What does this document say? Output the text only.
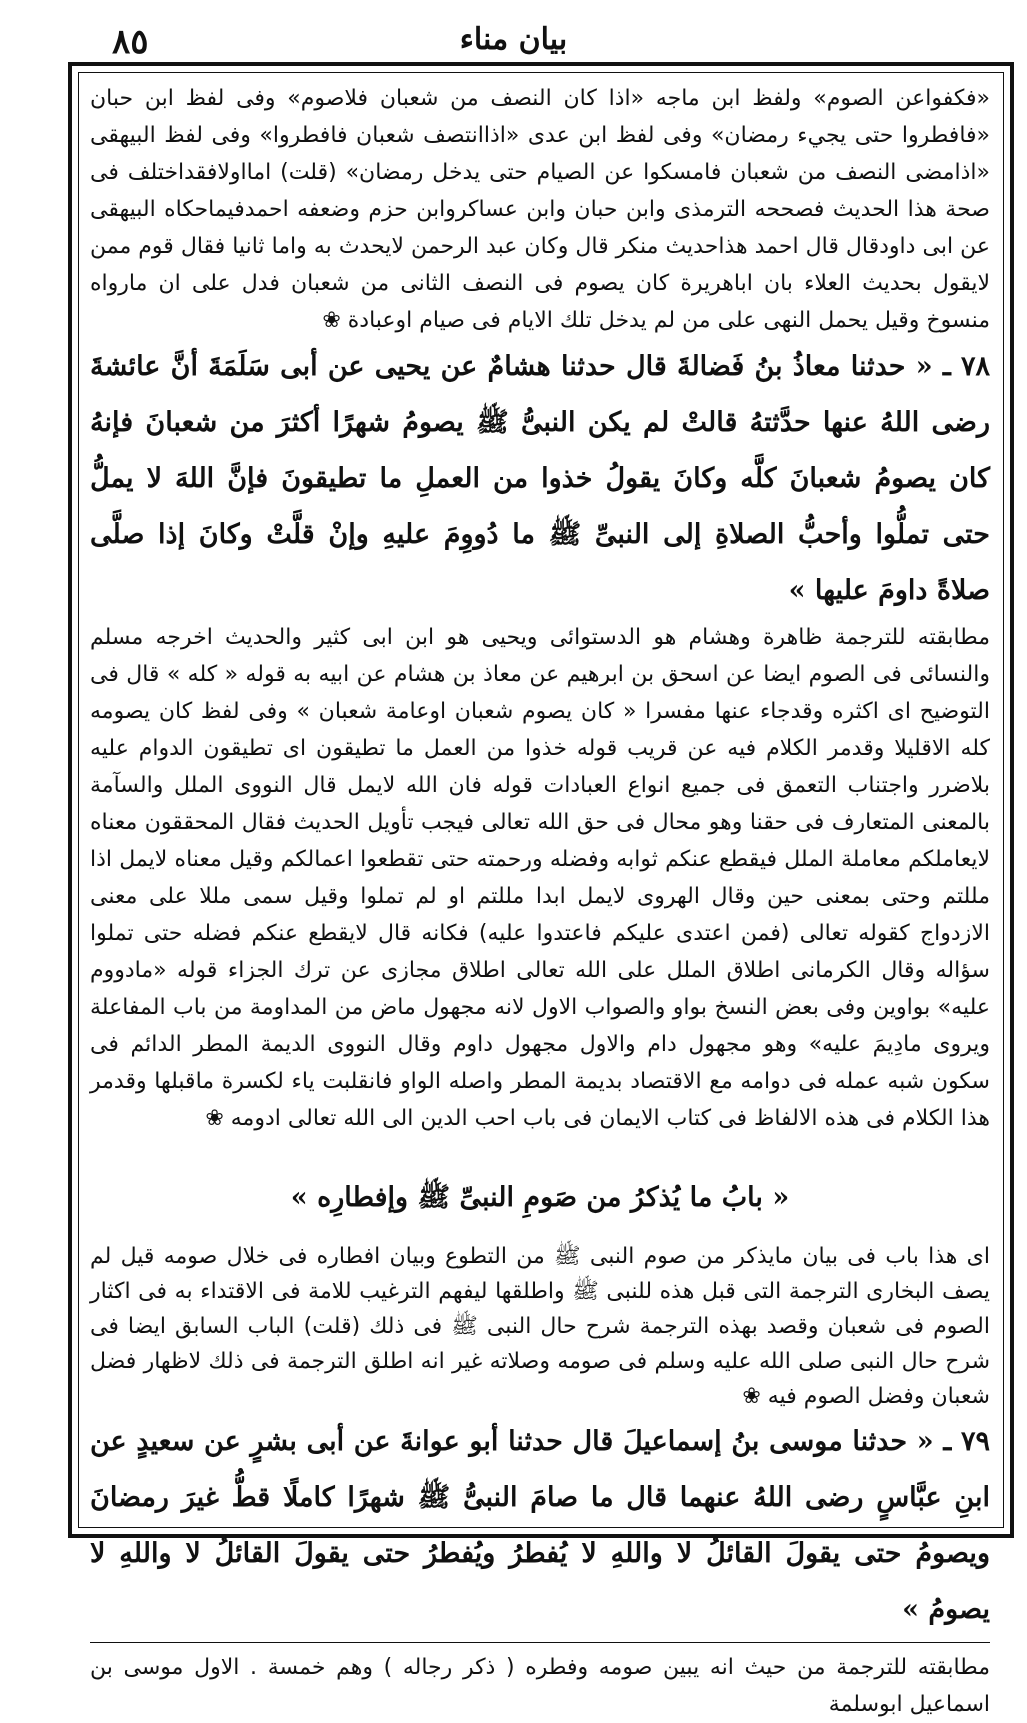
٨٥	بيان مناء

«فكفواعن الصوم» ولفظ ابن ماجه «اذا كان النصف من شعبان فلاصوم» وفى لفظ ابن حبان «فافطروا حتى يجيء رمضان» وفى لفظ ابن عدى «اذاانتصف شعبان فافطروا» وفى لفظ البيهقى «اذامضى النصف من شعبان فامسكوا عن الصيام حتى يدخل رمضان» (قلت) امااولافقداختلف فى صحة هذا الحديث فصححه الترمذى وابن حبان وابن عساكروابن حزم وضعفه احمدفيماحكاه البيهقى عن ابى داودقال قال احمد هذاحديث منكر قال وكان عبد الرحمن لايحدث به واما ثانيا فقال قوم ممن لايقول بحديث العلاء بان اباهريرة كان يصوم فى النصف الثانى من شعبان فدل على ان مارواه منسوخ وقيل يحمل النهى على من لم يدخل تلك الايام فى صيام اوعبادة ❀

٧٨ ـ « حدثنا معاذُ بنُ فَضالةَ قال حدثنا هشامٌ عن يحيى عن أبى سَلَمَةَ أنَّ عائشةَ رضى اللهُ عنها حدَّثتهُ قالتْ لم يكن النبىُّ ﷺ يصومُ شهرًا أكثرَ من شعبانَ فإنهُ كان يصومُ شعبانَ كلَّه وكانَ يقولُ خذوا من العملِ ما تطيقونَ فإنَّ اللهَ لا يملُّ حتى تملُّوا وأحبُّ الصلاةِ إلى النبىِّ ﷺ ما دُووِمَ عليهِ وإنْ قلَّتْ وكانَ إذا صلَّى صلاةً داومَ عليها »

مطابقته للترجمة ظاهرة وهشام هو الدستوائى ويحيى هو ابن ابى كثير والحديث اخرجه مسلم والنسائى فى الصوم ايضا عن اسحق بن ابرهيم عن معاذ بن هشام عن ابيه به قوله « كله » قال فى التوضيح اى اكثره وقدجاء عنها مفسرا « كان يصوم شعبان اوعامة شعبان » وفى لفظ كان يصومه كله الاقليلا وقدمر الكلام فيه عن قريب قوله خذوا من العمل ما تطيقون اى تطيقون الدوام عليه بلاضرر واجتناب التعمق فى جميع انواع العبادات قوله فان الله لايمل قال النووى الملل والسآمة بالمعنى المتعارف فى حقنا وهو محال فى حق الله تعالى فيجب تأويل الحديث فقال المحققون معناه لايعاملكم معاملة الملل فيقطع عنكم ثوابه وفضله ورحمته حتى تقطعوا اعمالكم وقيل معناه لايمل اذا مللتم وحتى بمعنى حين وقال الهروى لايمل ابدا مللتم او لم تملوا وقيل سمى مللا على معنى الازدواج كقوله تعالى (فمن اعتدى عليكم فاعتدوا عليه) فكانه قال لايقطع عنكم فضله حتى تملوا سؤاله وقال الكرمانى اطلاق الملل على الله تعالى اطلاق مجازى عن ترك الجزاء قوله «مادووم عليه» بواوين وفى بعض النسخ بواو والصواب الاول لانه مجهول ماض من المداومة من باب المفاعلة ويروى مادِيمَ عليه» وهو مجهول دام والاول مجهول داوم وقال النووى الديمة المطر الدائم فى سكون شبه عمله فى دوامه مع الاقتصاد بديمة المطر واصله الواو فانقلبت ياء لكسرة ماقبلها وقدمر هذا الكلام فى هذه الالفاظ فى كتاب الايمان فى باب احب الدين الى الله تعالى ادومه ❀

« بابُ ما يُذكرُ من صَومِ النبىِّ ﷺ وإفطارِه »

اى هذا باب فى بيان مايذكر من صوم النبى ﷺ من التطوع وبيان افطاره فى خلال صومه قيل لم يصف البخارى الترجمة التى قبل هذه للنبى ﷺ واطلقها ليفهم الترغيب للامة فى الاقتداء به فى اكثار الصوم فى شعبان وقصد بهذه الترجمة شرح حال النبى ﷺ فى ذلك (قلت) الباب السابق ايضا فى شرح حال النبى صلى الله عليه وسلم فى صومه وصلاته غير انه اطلق الترجمة فى ذلك لاظهار فضل شعبان وفضل الصوم فيه ❀

٧٩ ـ « حدثنا موسى بنُ إسماعيلَ قال حدثنا أبو عوانةَ عن أبى بشرٍ عن سعيدٍ عن ابنِ عبَّاسٍ رضى اللهُ عنهما قال ما صامَ النبىُّ ﷺ شهرًا كاملًا قطُّ غيرَ رمضانَ ويصومُ حتى يقولَ القائلُ لا واللهِ لا يُفطرُ ويُفطرُ حتى يقولَ القائلُ لا واللهِ لا يصومُ »

مطابقته للترجمة من حيث انه يبين صومه وفطره ( ذكر رجاله ) وهم خمسة . الاول موسى بن اسماعيل ابوسلمة
